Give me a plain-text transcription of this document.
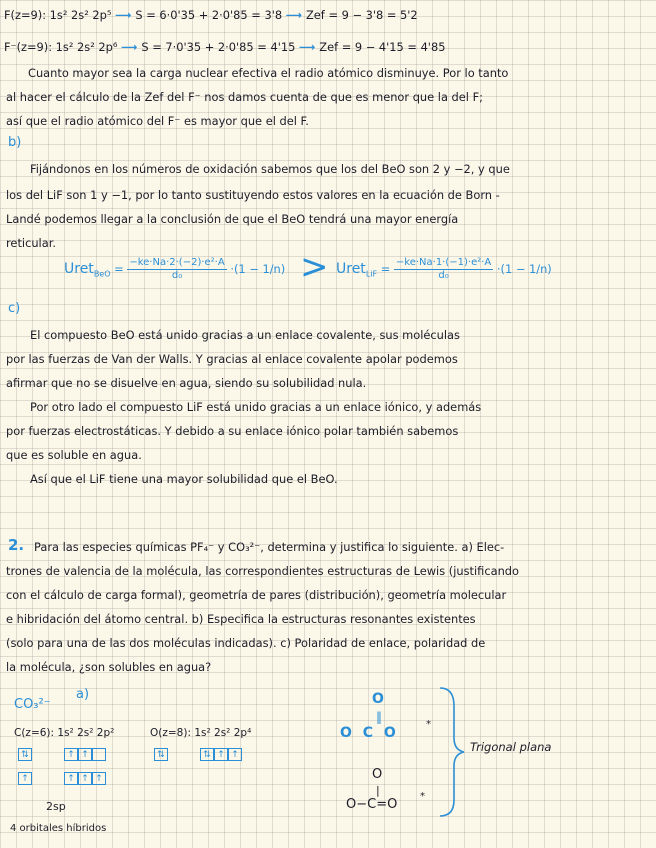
F(z=9): 1s² 2s² 2p⁵ ⟶ S = 6·0'35 + 2·0'85 = 3'8 ⟶ Zef = 9 − 3'8 = 5'2
F⁻(z=9): 1s² 2s² 2p⁶ ⟶ S = 7·0'35 + 2·0'85 = 4'15 ⟶ Zef = 9 − 4'15 = 4'85
Cuanto mayor sea la carga nuclear efectiva el radio atómico disminuye. Por lo tanto
al hacer el cálculo de la Zef del F⁻ nos damos cuenta de que es menor que la del F;
así que el radio atómico del F⁻ es mayor que el del F.
b)
Fijándonos en los números de oxidación sabemos que los del BeO son 2 y −2, y que
los del LiF son 1 y −1, por lo tanto sustituyendo estos valores en la ecuación de Born -
Landé podemos llegar a la conclusión de que el BeO tendrá una mayor energía
reticular.
Uret$_{BeO}$ = $\frac{\text{−ke·Na·2·(−2)·e²·A}}{\text{d₀}} \cdot(1 - 1/n)$ > Uret$_{LiF}$ = $\frac{\text{−ke·Na·1·(−1)·e²·A}}{\text{d₀}} \cdot(1 - 1/n)$
c)
El compuesto BeO está unido gracias a un enlace covalente, sus moléculas
por las fuerzas de Van der Walls. Y gracias al enlace covalente apolar podemos
afirmar que no se disuelve en agua, siendo su solubilidad nula.
Por otro lado el compuesto LiF está unido gracias a un enlace iónico, y además
por fuerzas electrostáticas. Y debido a su enlace iónico polar también sabemos
que es soluble en agua.
Así que el LiF tiene una mayor solubilidad que el BeO.
2. Para las especies químicas PF₄⁻ y CO₃²⁻, determina y justifica lo siguiente. a) Elec-
trones de valencia de la molécula, las correspondientes estructuras de Lewis (justificando
con el cálculo de carga formal), geometría de pares (distribución), geometría molecular
e hibridación del átomo central. b) Especifica la estructuras resonantes existentes
(solo para una de las dos moléculas indicadas). c) Polaridad de enlace, polaridad de
la molécula, ¿son solubles en agua?
CO₃²⁻
a)
C(z=6): 1s² 2s² 2p²	O(z=8): 1s² 2s² 2p⁴
⇅	↑ ↑	⇅	⇅ ↑ ↑
↑	↑ ↑ ↑
2sp
4 orbitales híbridos
O
‖
O C O
*
O
|
O−C=O
*
Trigonal plana
